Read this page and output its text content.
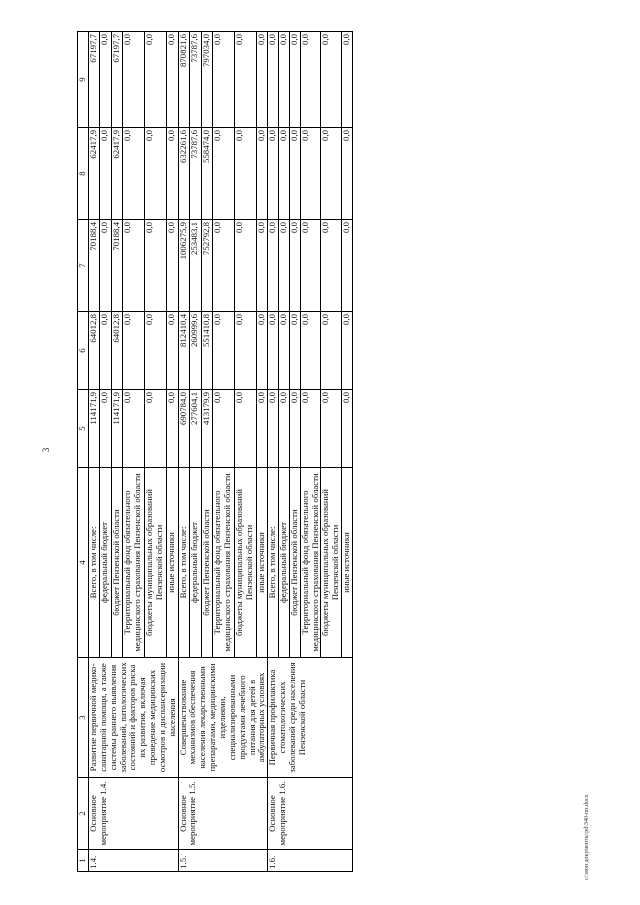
3
1	2	3	4	5	6	7	8	9
1.4.	Основное мероприятие 1.4.	Развитие первичной медико-санитарной помощи, а также системы раннего выявления заболеваний, патологических состояний и факторов риска их развития, включая проведение медицинских осмотров и диспансеризации населения	Всего, в том числе:	114171,9	64012,8	70188,4	62417,9	67197,7
			федеральный бюджет	0,0	0,0	0,0	0,0	0,0
			бюджет Пензенской области	114171,9	64012,8	70188,4	62417,9	67197,7
			Территориальный фонд обязательного медицинского страхования Пензенской области	0,0	0,0	0,0	0,0	0,0
			бюджеты муниципальных образований Пензенской области	0,0	0,0	0,0	0,0	0,0
			иные источники	0,0	0,0	0,0	0,0	0,0
1.5.	Основное мероприятие 1.5.	Совершенствование механизмов обеспечения населения лекарственными препаратами, медицинскими изделиями, специализированными продуктами лечебного питания для детей в амбулаторных условиях	Всего, в том числе:	690784,0	812410,4	1006275,9	632261,6	870821,6
			федеральный бюджет	277604,1	260999,6	253483,1	73787,6	73787,6
			бюджет Пензенской области	413179,9	551410,8	752792,8	558474,0	797034,0
			Территориальный фонд обязательного медицинского страхования Пензенской области	0,0	0,0	0,0	0,0	0,0
			бюджеты муниципальных образований Пензенской области	0,0	0,0	0,0	0,0	0,0
			иные источники	0,0	0,0	0,0	0,0	0,0
1.6.	Основное мероприятие 1.6.	Первичная профилактика стоматологических заболеваний среди населения Пензенской области	Всего, в том числе:	0,0	0,0	0,0	0,0	0,0
			федеральный бюджет	0,0	0,0	0,0	0,0	0,0
			бюджет Пензенской области	0,0	0,0	0,0	0,0	0,0
			Территориальный фонд обязательного медицинского страхования Пензенской области	0,0	0,0	0,0	0,0	0,0
			бюджеты муниципальных образований Пензенской области	0,0	0,0	0,0	0,0	0,0
			иные источники	0,0	0,0	0,0	0,0	0,0
c:\мои документы\pd\340-пп.docx
